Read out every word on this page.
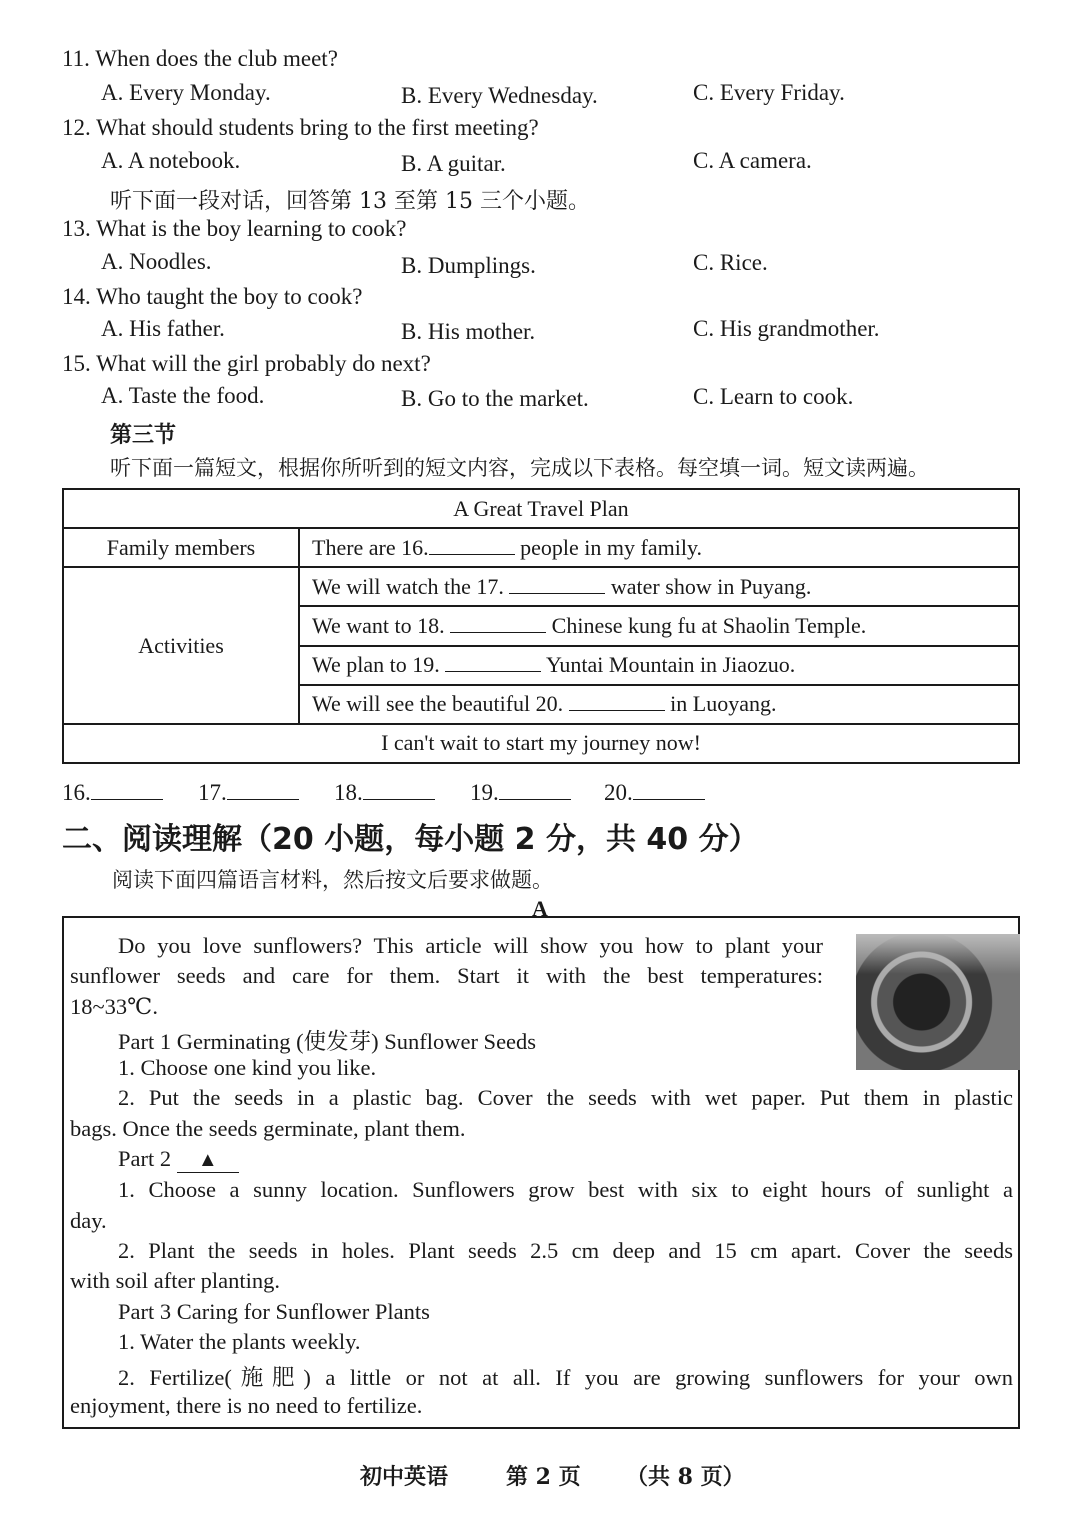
11. When does the club meet?
A. Every Monday.	B. Every Wednesday.	C. Every Friday.
12. What should students bring to the first meeting?
A. A notebook.	B. A guitar.	C. A camera.
听下面一段对话，回答第 13 至第 15 三个小题。
13. What is the boy learning to cook?
A. Noodles.	B. Dumplings.	C. Rice.
14. Who taught the boy to cook?
A. His father.	B. His mother.	C. His grandmother.
15. What will the girl probably do next?
A. Taste the food.	B. Go to the market.	C. Learn to cook.
第三节
听下面一篇短文，根据你所听到的短文内容，完成以下表格。每空填一词。短文读两遍。
A Great Travel Plan	
Family members	There are 16. people in my family.
Activities	We will watch the 17. water show in Puyang.
	We want to 18. Chinese kung fu at Shaolin Temple.
	We plan to 19. Yuntai Mountain in Jiaozuo.
	We will see the beautiful 20. in Luoyang.
I can't wait to start my journey now!	
16.	17.	18.	19.	20.
二、阅读理解（20 小题，每小题 2 分，共 40 分）
阅读下面四篇语言材料，然后按文后要求做题。
A
Do you love sunflowers? This article will show you how to plant your
sunflower seeds and care for them. Start it with the best temperatures:
18~33℃.
Part 1 Germinating (使发芽) Sunflower Seeds
1. Choose one kind you like.
2. Put the seeds in a plastic bag. Cover the seeds with wet paper. Put them in plastic
bags. Once the seeds germinate, plant them.
Part 2 ▲
1. Choose a sunny location. Sunflowers grow best with six to eight hours of sunlight a
day.
2. Plant the seeds in holes. Plant seeds 2.5 cm deep and 15 cm apart. Cover the seeds
with soil after planting.
Part 3 Caring for Sunflower Plants
1. Water the plants weekly.
2. Fertilize(施肥) a little or not at all. If you are growing sunflowers for your own
enjoyment, there is no need to fertilize.
初中英语	第 2 页 （共 8 页）
